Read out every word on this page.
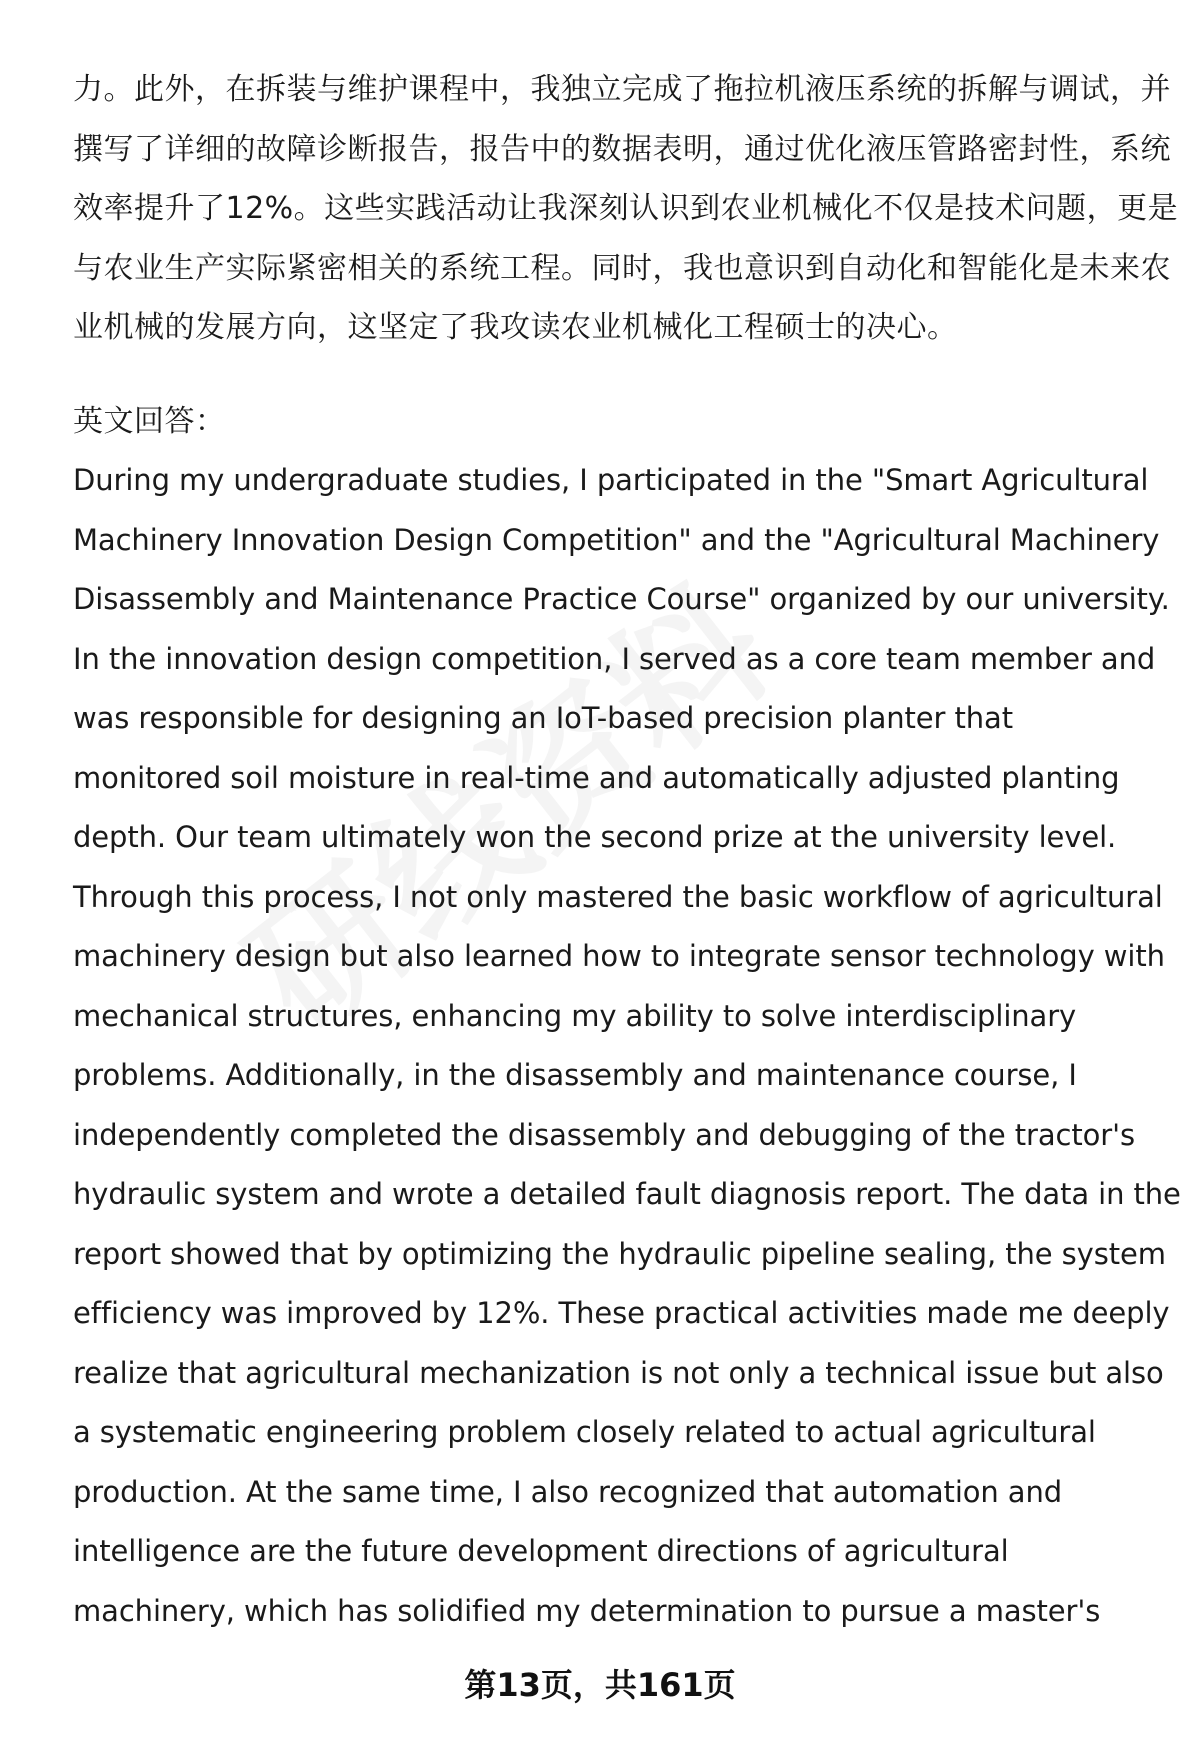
力。此外，在拆装与维护课程中，我独立完成了拖拉机液压系统的拆解与调试，并
撰写了详细的故障诊断报告，报告中的数据表明，通过优化液压管路密封性，系统
效率提升了12%。这些实践活动让我深刻认识到农业机械化不仅是技术问题，更是
与农业生产实际紧密相关的系统工程。同时，我也意识到自动化和智能化是未来农
业机械的发展方向，这坚定了我攻读农业机械化工程硕士的决心。
英文回答：
During my undergraduate studies, I participated in the "Smart Agricultural
Machinery Innovation Design Competition" and the "Agricultural Machinery
Disassembly and Maintenance Practice Course" organized by our university.
In the innovation design competition, I served as a core team member and
was responsible for designing an IoT-based precision planter that
monitored soil moisture in real-time and automatically adjusted planting
depth. Our team ultimately won the second prize at the university level.
Through this process, I not only mastered the basic workflow of agricultural
machinery design but also learned how to integrate sensor technology with
mechanical structures, enhancing my ability to solve interdisciplinary
problems. Additionally, in the disassembly and maintenance course, I
independently completed the disassembly and debugging of the tractor's
hydraulic system and wrote a detailed fault diagnosis report. The data in the
report showed that by optimizing the hydraulic pipeline sealing, the system
efficiency was improved by 12%. These practical activities made me deeply
realize that agricultural mechanization is not only a technical issue but also
a systematic engineering problem closely related to actual agricultural
production. At the same time, I also recognized that automation and
intelligence are the future development directions of agricultural
machinery, which has solidified my determination to pursue a master's
第13页，共161页
